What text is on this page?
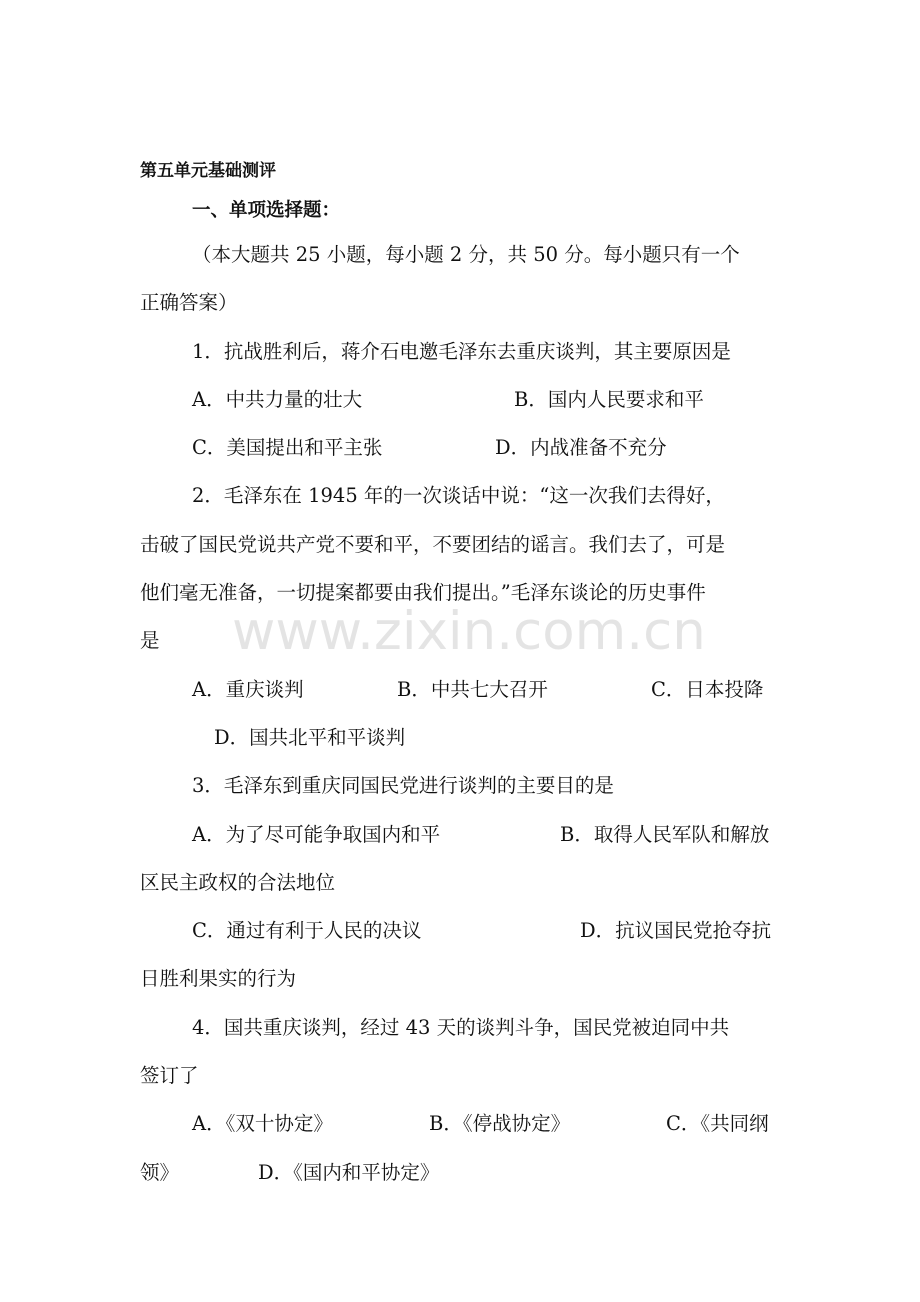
第五单元基础测评
一、单项选择题：
（本大题共 25 小题，每小题 2 分，共 50 分。每小题只有一个
正确答案）
1．抗战胜利后，蒋介石电邀毛泽东去重庆谈判，其主要原因是
A．中共力量的壮大	B．国内人民要求和平
C．美国提出和平主张	D．内战准备不充分
2．毛泽东在 1945 年的一次谈话中说：“这一次我们去得好，
击破了国民党说共产党不要和平，不要团结的谣言。我们去了，可是
他们毫无准备，一切提案都要由我们提出。”毛泽东谈论的历史事件
是
A．重庆谈判	B．中共七大召开	C．日本投降
D．国共北平和平谈判
3．毛泽东到重庆同国民党进行谈判的主要目的是
A．为了尽可能争取国内和平	B．取得人民军队和解放
区民主政权的合法地位
C．通过有利于人民的决议	D．抗议国民党抢夺抗
日胜利果实的行为
4．国共重庆谈判，经过 43 天的谈判斗争，国民党被迫同中共
签订了
A．《双十协定》	B．《停战协定》	C．《共同纲
领》	D．《国内和平协定》
www.zixin.com.cn
